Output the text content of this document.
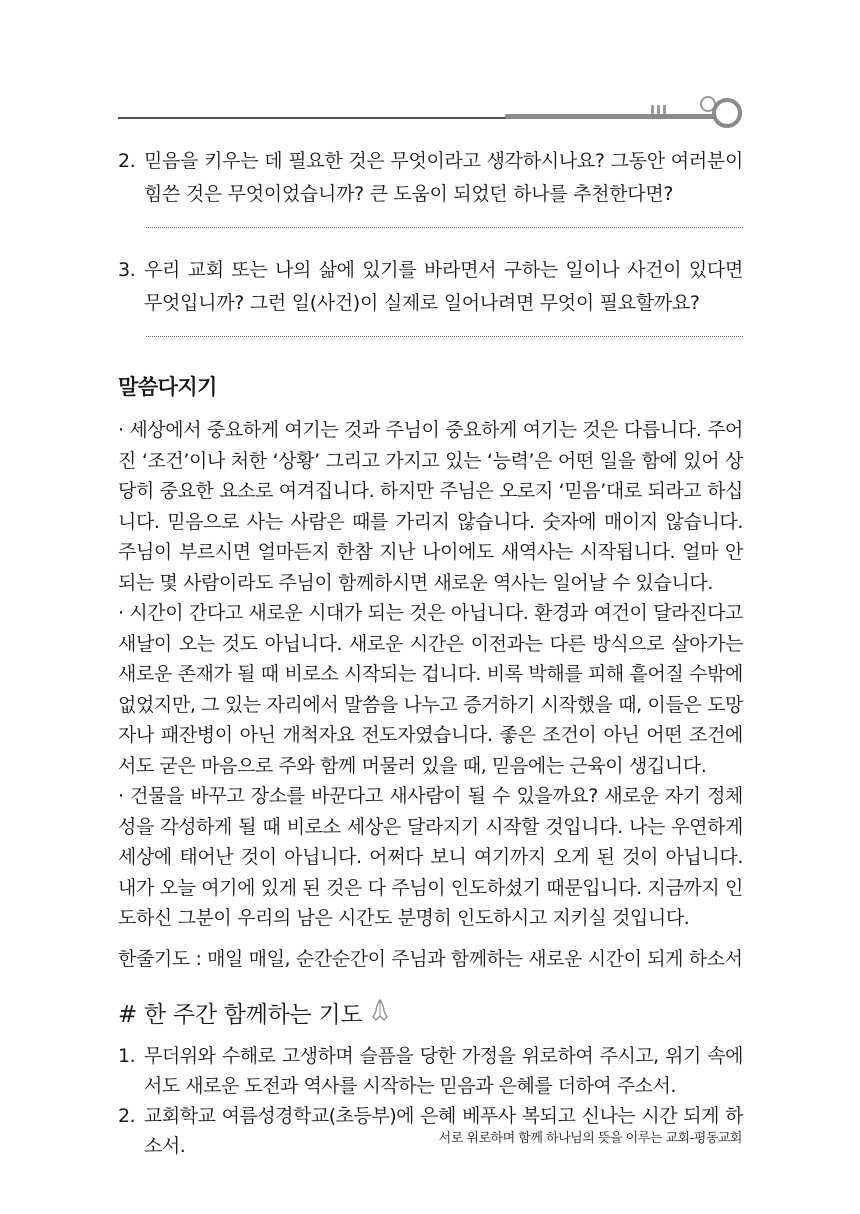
2. 믿음을 키우는 데 필요한 것은 무엇이라고 생각하시나요? 그동안 여러분이 힘쓴 것은 무엇이었습니까? 큰 도움이 되었던 하나를 추천한다면?
3. 우리 교회 또는 나의 삶에 있기를 바라면서 구하는 일이나 사건이 있다면 무엇입니까? 그런 일(사건)이 실제로 일어나려면 무엇이 필요할까요?
말씀다지기

· 세상에서 중요하게 여기는 것과 주님이 중요하게 여기는 것은 다릅니다. 주어진 ‘조건’이나 처한 ‘상황’ 그리고 가지고 있는 ‘능력’은 어떤 일을 함에 있어 상당히 중요한 요소로 여겨집니다. 하지만 주님은 오로지 ‘믿음’대로 되라고 하십니다. 믿음으로 사는 사람은 때를 가리지 않습니다. 숫자에 매이지 않습니다. 주님이 부르시면 얼마든지 한참 지난 나이에도 새역사는 시작됩니다. 얼마 안 되는 몇 사람이라도 주님이 함께하시면 새로운 역사는 일어날 수 있습니다.

· 시간이 간다고 새로운 시대가 되는 것은 아닙니다. 환경과 여건이 달라진다고 새날이 오는 것도 아닙니다. 새로운 시간은 이전과는 다른 방식으로 살아가는 새로운 존재가 될 때 비로소 시작되는 겁니다. 비록 박해를 피해 흩어질 수밖에 없었지만, 그 있는 자리에서 말씀을 나누고 증거하기 시작했을 때, 이들은 도망자나 패잔병이 아닌 개척자요 전도자였습니다. 좋은 조건이 아닌 어떤 조건에서도 굳은 마음으로 주와 함께 머물러 있을 때, 믿음에는 근육이 생깁니다.

· 건물을 바꾸고 장소를 바꾼다고 새사람이 될 수 있을까요? 새로운 자기 정체성을 각성하게 될 때 비로소 세상은 달라지기 시작할 것입니다. 나는 우연하게 세상에 태어난 것이 아닙니다. 어쩌다 보니 여기까지 오게 된 것이 아닙니다. 내가 오늘 여기에 있게 된 것은 다 주님이 인도하셨기 때문입니다. 지금까지 인도하신 그분이 우리의 남은 시간도 분명히 인도하시고 지키실 것입니다.

한줄기도 : 매일 매일, 순간순간이 주님과 함께하는 새로운 시간이 되게 하소서
# 한 주간 함께하는 기도
1. 무더위와 수해로 고생하며 슬픔을 당한 가정을 위로하여 주시고, 위기 속에서도 새로운 도전과 역사를 시작하는 믿음과 은혜를 더하여 주소서.
2. 교회학교 여름성경학교(초등부)에 은혜 베푸사 복되고 신나는 시간 되게 하소서.	서로 위로하며 함께 하나님의 뜻을 이루는 교회-평동교회
